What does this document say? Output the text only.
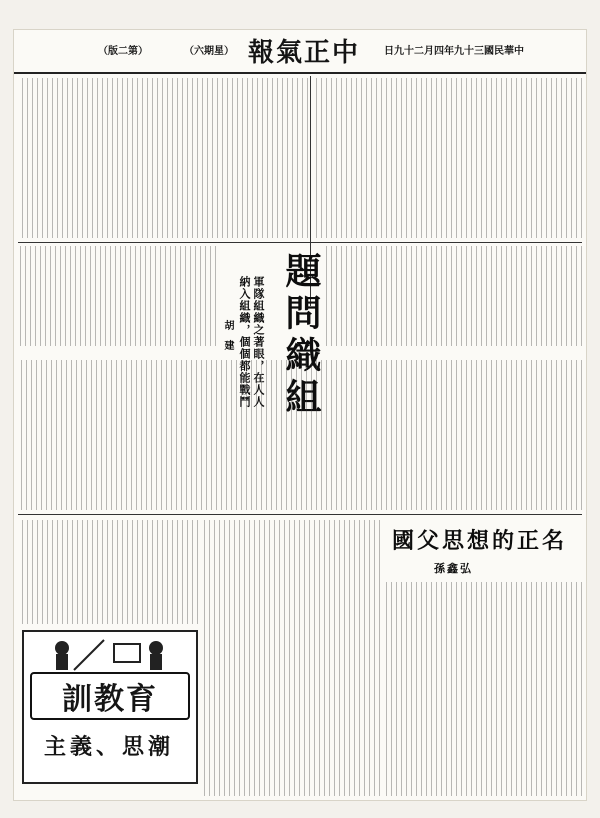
（版二第）	（六期星） 報氣正中 日九十二月四年九十三國民華中
題問織組
軍隊組織之著眼，在人人
納入組織，個個都能戰鬥
胡　建
國父思想的正名
孫鑫弘
訓教育
主義、思潮
